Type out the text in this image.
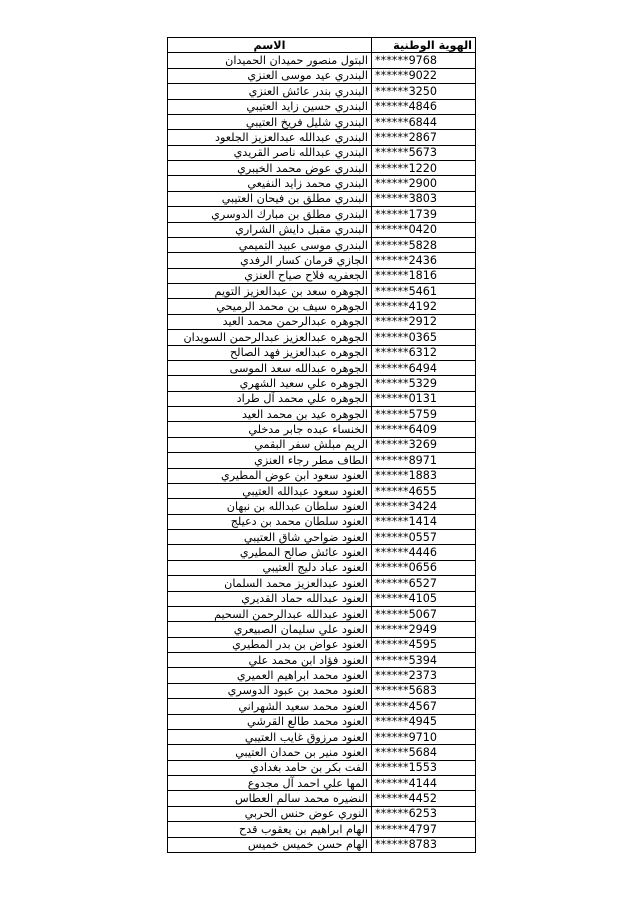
الهوية الوطنية	الاسم
******9768	البتول منصور حميدان الحميدان
******9022	البندري عيد موسى العنزي
******3250	البندري بندر عائش العنزي
******4846	البندري حسين زايد العتيبي
******6844	البندري شليل فريخ العتيبي
******2867	البندري عبدالله عبدالعزيز الجلعود
******5673	البندري عبدالله ناصر القريدي
******1220	البندري عوض محمد الخيبري
******2900	البندري محمد زايد النفيعي
******3803	البندري مطلق بن فيحان العتيبي
******1739	البندري مطلق بن مبارك الدوسري
******0420	البندري مقبل دايش الشراري
******5828	البندري موسى عبيد التميمي
******2436	الجازي قرمان كسار الرفدي
******1816	الجعفريه فلاح صياح العنزي
******5461	الجوهره سعد بن عبدالعزيز التويم
******4192	الجوهره سيف بن محمد الرميحي
******2912	الجوهره عبدالرحمن محمد العيد
******0365	الجوهره عبدالعزيز عبدالرحمن السويدان
******6312	الجوهره عبدالعزيز فهد الصالح
******6494	الجوهره عبدالله سعد الموسى
******5329	الجوهره علي سعيد الشهري
******0131	الجوهره علي محمد آل طراد
******5759	الجوهره عيد بن محمد العيد
******6409	الخنساء عبده جابر مدخلي
******3269	الريم مبلش سفر البقمي
******8971	الطاف مطر رجاء العنزي
******1883	العنود سعود ابن عوض المطيري
******4655	العنود سعود عبدالله العتيبي
******3424	العنود سلطان عبدالله بن نبهان
******1414	العنود سلطان محمد بن دعيلج
******0557	العنود ضواحي شاق العتيبي
******4446	العنود عائش صالح المطيري
******0656	العنود عباد دليج العتيبي
******6527	العنود عبدالعزيز محمد السلمان
******4105	العنود عبدالله حماد القديري
******5067	العنود عبدالله عبدالرحمن السحيم
******2949	العنود علي سليمان الصبيعري
******4595	العنود عواض بن بدر المطيري
******5394	العنود فؤاد ابن محمد علي
******2373	العنود محمد ابراهيم العميري
******5683	العنود محمد بن عبود الدوسري
******4567	العنود محمد سعيد الشهراني
******4945	العنود محمد طالع القرشي
******9710	العنود مرزوق غايب العتيبي
******5684	العنود منير بن حمدان العتيبي
******1553	الفت بكر بن حامد بغدادي
******4144	المها علي احمد آل مجدوع
******4452	النضيره محمد سالم العطاس
******6253	النوري عوض حنس الحربي
******4797	الهام ابراهيم بن يعقوب قدح
******8783	الهام حسن خميس خميس
